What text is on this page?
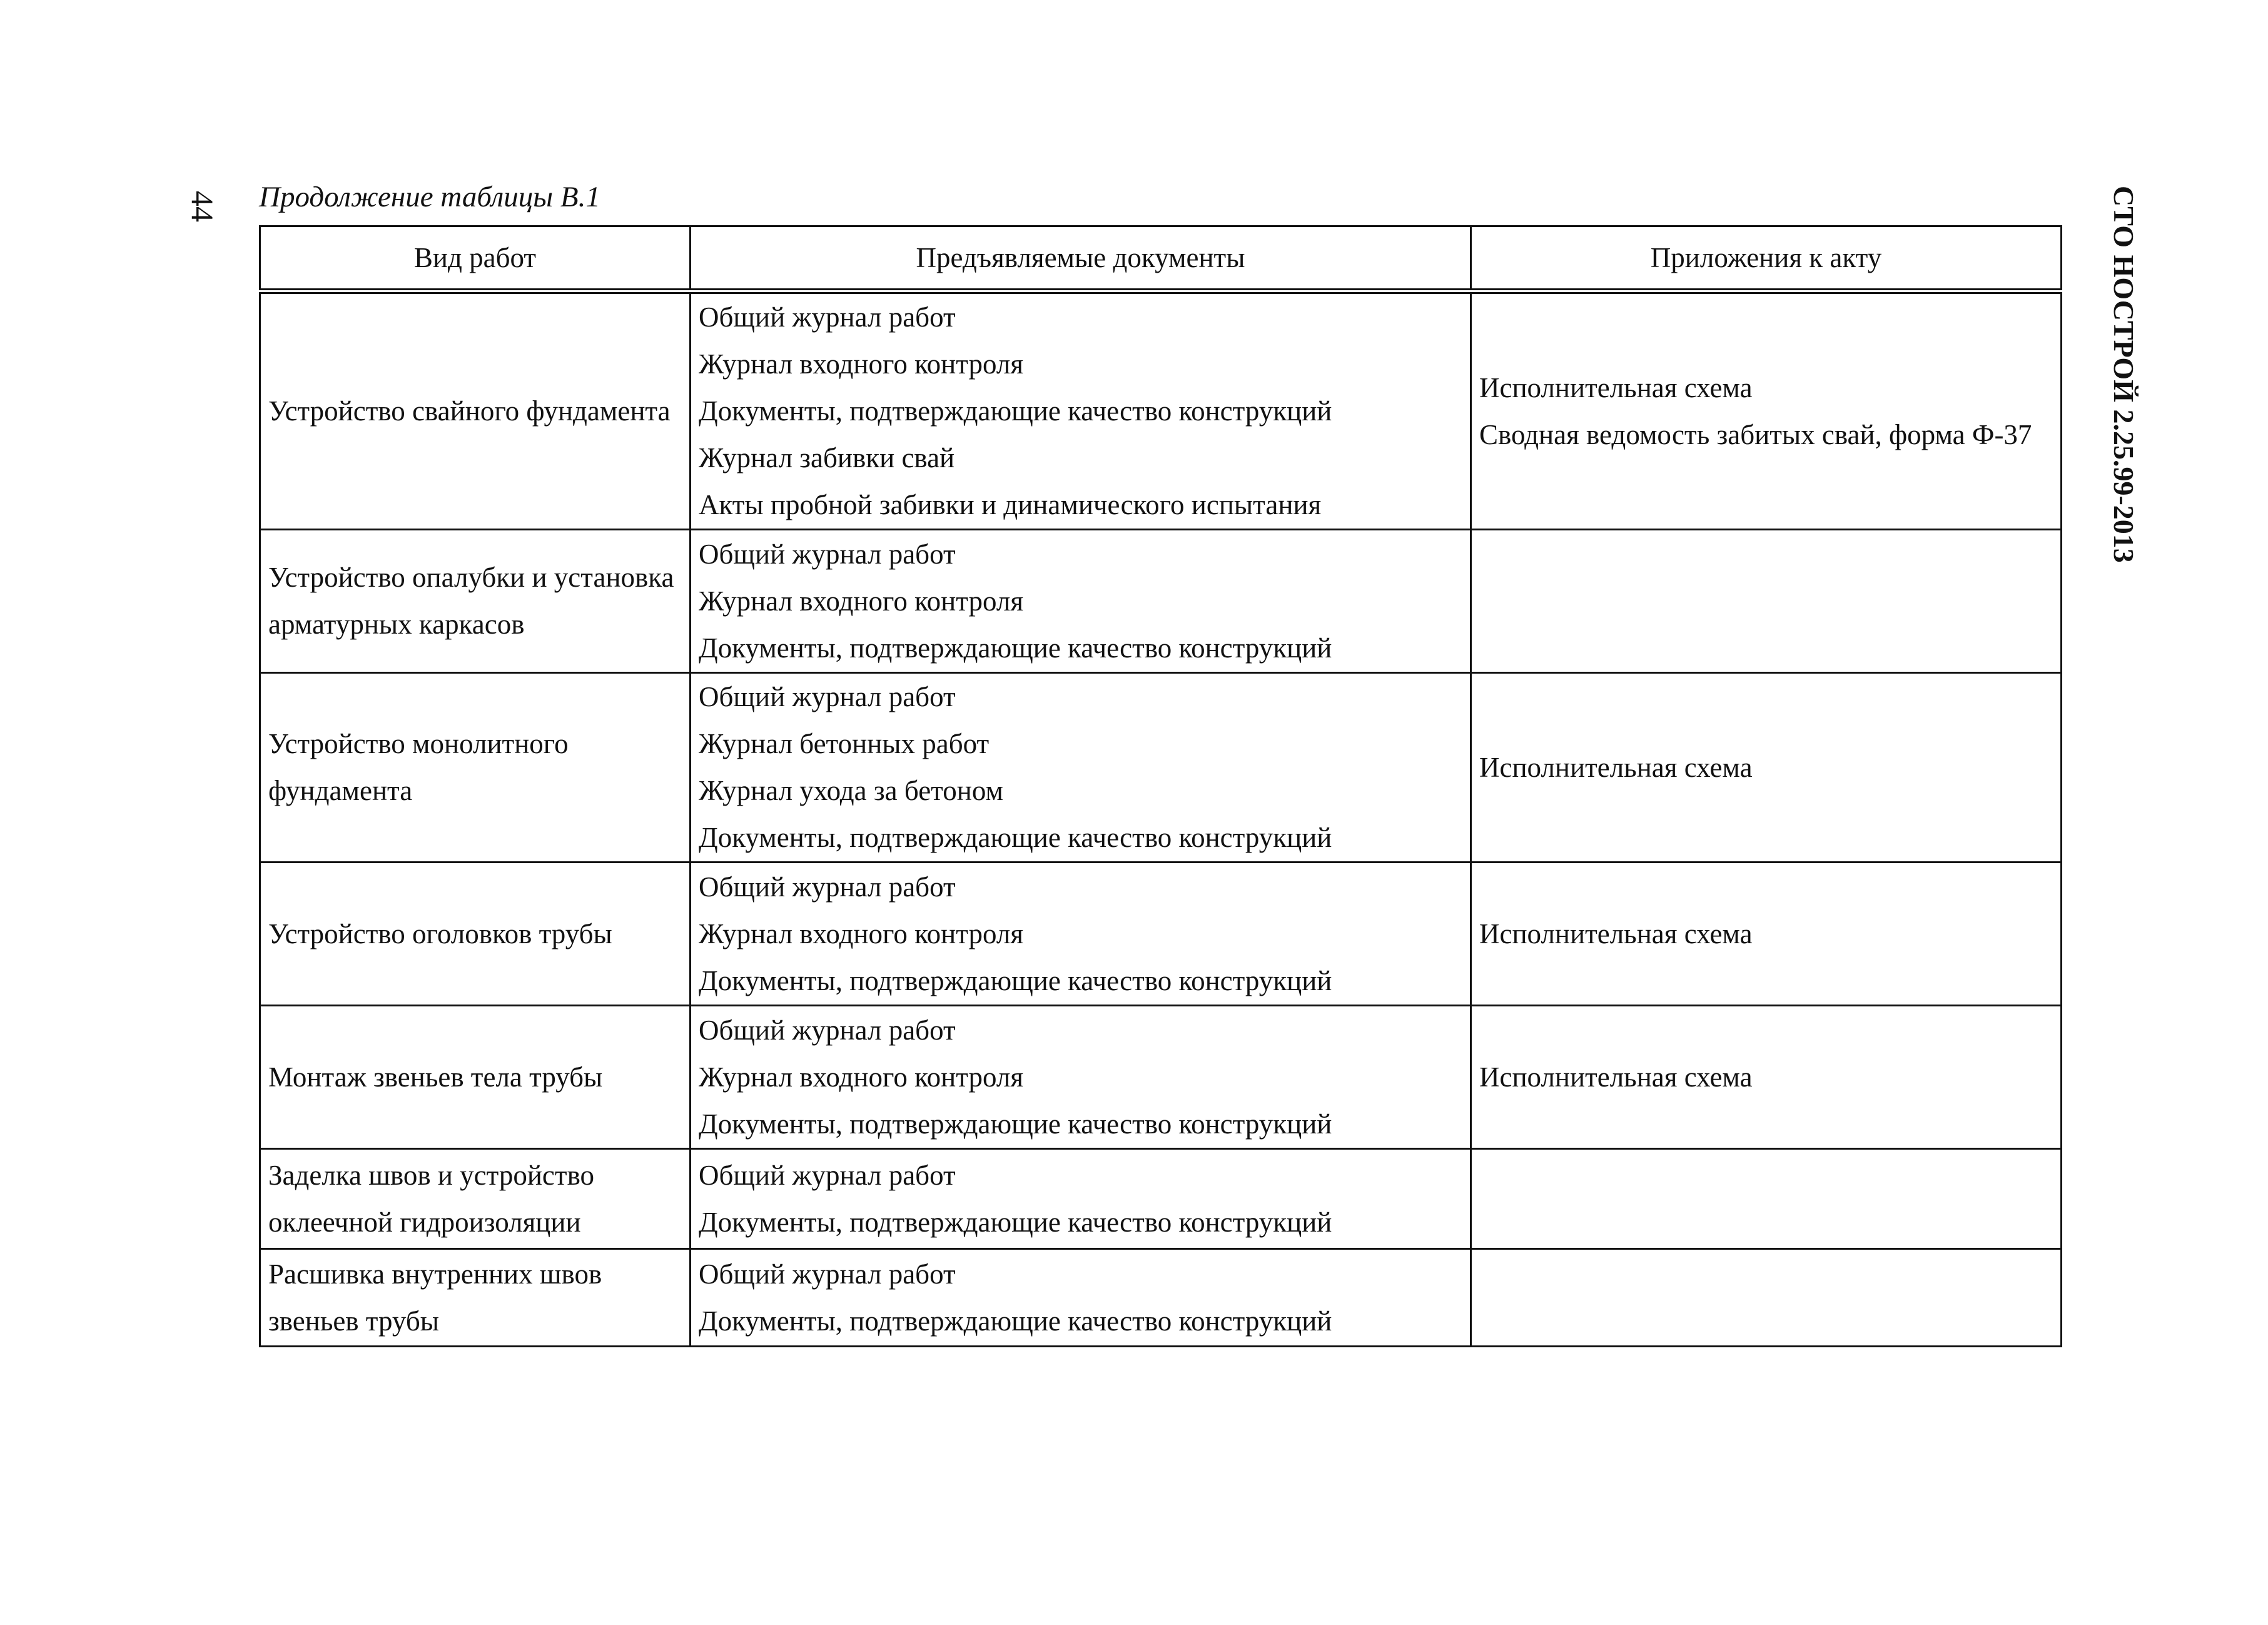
44	СТО НОСТРОЙ 2.25.99-2013
Продолжение таблицы В.1
Вид работ	Предъявляемые документы	Приложения к акту

Устройство свайного фундамента	Общий журнал работ
Журнал входного контроля
Документы, подтверждающие качество конструкций
Журнал забивки свай
Акты пробной забивки и динамического испытания	Исполнительная схема
Сводная ведомость забитых свай, форма Ф-37

Устройство опалубки и установка арматурных каркасов	Общий журнал работ
Журнал входного контроля
Документы, подтверждающие качество конструкций	

Устройство монолитного фундамента	Общий журнал работ
Журнал бетонных работ
Журнал ухода за бетоном
Документы, подтверждающие качество конструкций	Исполнительная схема

Устройство оголовков трубы	Общий журнал работ
Журнал входного контроля
Документы, подтверждающие качество конструкций	Исполнительная схема

Монтаж звеньев тела трубы	Общий журнал работ
Журнал входного контроля
Документы, подтверждающие качество конструкций	Исполнительная схема

Заделка швов и устройство оклеечной гидроизоляции	Общий журнал работ
Документы, подтверждающие качество конструкций	

Расшивка внутренних швов звеньев трубы	Общий журнал работ
Документы, подтверждающие качество конструкций	
